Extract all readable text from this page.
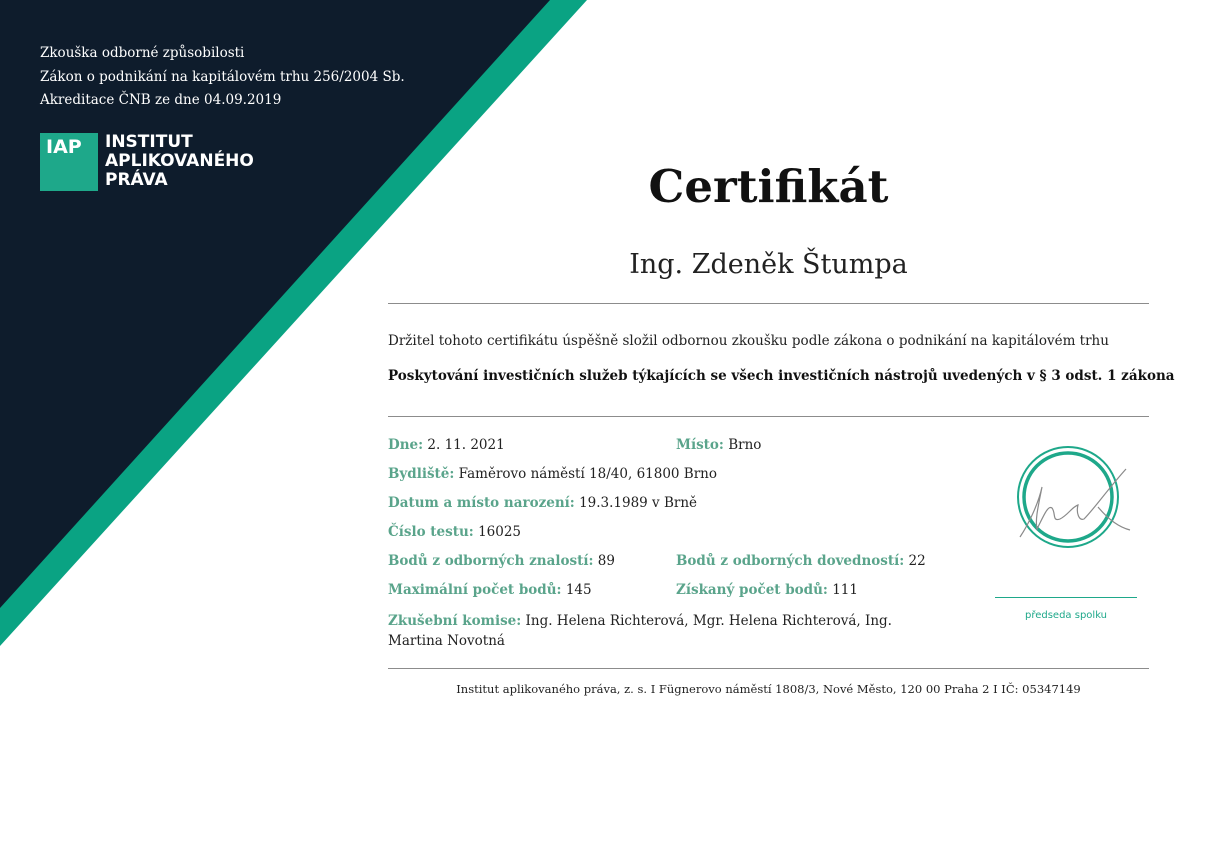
Zkouška odborné způsobilosti
Zákon o podnikání na kapitálovém trhu 256/2004 Sb.
Akreditace ČNB ze dne 04.09.2019
IAP	INSTITUT
APLIKOVANÉHO
PRÁVA	Certifikát
Ing. Zdeněk Štumpa
Držitel tohoto certifikátu úspěšně složil odbornou zkoušku podle zákona o podnikání na kapitálovém trhu
Poskytování investičních služeb týkajících se všech investičních nástrojů uvedených v § 3 odst. 1 zákona
Dne: 2. 11. 2021	Místo: Brno
Bydliště: Faměrovo náměstí 18/40, 61800 Brno
Datum a místo narození: 19.3.1989 v Brně
Číslo testu: 16025
Bodů z odborných znalostí: 89	Bodů z odborných dovedností: 22
Maximální počet bodů: 145	Získaný počet bodů: 111
Zkušební komise: Ing. Helena Richterová, Mgr. Helena Richterová, Ing. Martina Novotná
předseda spolku
Institut aplikovaného práva, z. s. I Fügnerovo náměstí 1808/3, Nové Město, 120 00 Praha 2 I IČ: 05347149
